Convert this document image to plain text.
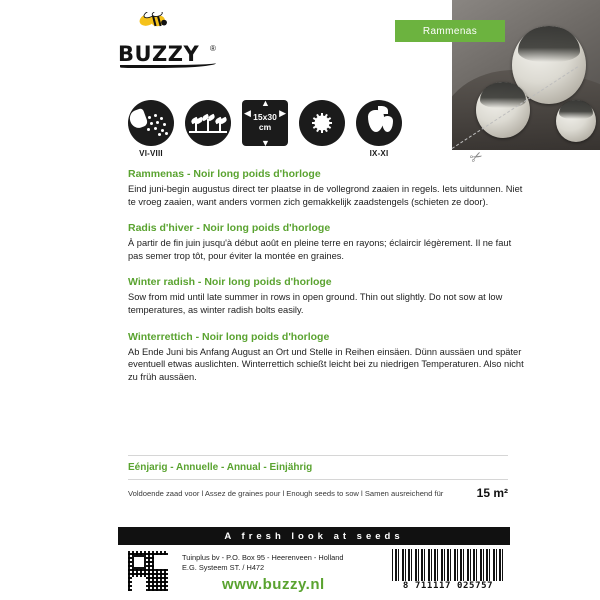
Rammenas
✂
BUZZY ®
VI-VIII
◀	▶
▲
▼
15x30
cm
IX-XI
Rammenas - Noir long poids d'horloge

Eind juni-begin augustus direct ter plaatse in de vollegrond zaaien in regels. Iets uitdunnen. Niet te vroeg zaaien, want anders vormen zich gemakkelijk zaadstengels (schieten ze door).

Radis d'hiver - Noir long poids d'horloge

À partir de fin juin jusqu'à début août en pleine terre en rayons; éclaircir légèrement. Il ne faut pas semer trop tôt, pour éviter la montée en graines.

Winter radish - Noir long poids d'horloge

Sow from mid until late summer in rows in open ground. Thin out slightly. Do not sow at low temperatures, as winter radish bolts easily.

Winterrettich - Noir long poids d'horloge

Ab Ende Juni bis Anfang August an Ort und Stelle in Reihen einsäen. Dünn aussäen und später eventuell etwas auslichten. Winterrettich schießt leicht bei zu niedrigen Temperaturen. Also nicht zu früh aussäen.

Eénjarig - Annuelle - Annual - Einjährig
Voldoende zaad voor l Assez de graines pour l Enough seeds to sow l Samen ausreichend für	15 m²
A fresh look at seeds
Tuinplus bv - P.O. Box 95 - Heerenveen - Holland
E.G. Systeem ST. / H472
www.buzzy.nl	8 711117 025757
